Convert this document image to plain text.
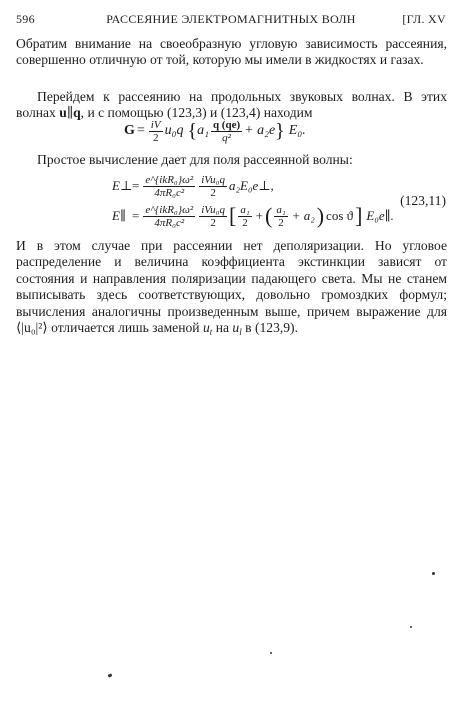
596	РАССЕЯНИЕ ЭЛЕКТРОМАГНИТНЫХ ВОЛН	[ГЛ. XV
Обратим внимание на своеобразную угловую зависимость рассеяния, совершенно отличную от той, которую мы имели в жидкостях и газах.
Перейдем к рассеянию на продольных звуковых волнах. В этих волнах u∥q, и с помощью (123,3) и (123,4) находим
$G = \frac{iV}{2} u_0q$ { $a_1 \frac{q (qe)}{\text{q²}} + a_2e$ } E₀.
Простое вычисление дает для поля рассеянной волны:
E⊥ = $\frac{\text{e\textasciicircum{}\{ikR₀\}ω²}}{\text{4πR₀c²}} \frac{\text{iVu₀q}}{2}$ a₂E₀e⊥,
E∥ = $\frac{\text{e\textasciicircum{}\{ikR₀\}ω²}}{\text{4πR₀c²}} \frac{\text{iVu₀q}}{2}$ [ $\frac{\text{a₁}}{2}$ + ( $\frac{\text{a₁}}{2} + a_2$ ) cos ϑ ] E₀e∥.
(123,11)
И в этом случае при рассеянии нет деполяризации. Но угловое распределение и величина коэффициента экстинкции зависят от состояния и направления поляризации падающего света. Мы не станем выписывать здесь соответствующих, довольно громоздких формул; вычисления аналогичны произведенным выше, причем выражение для ⟨|u₀|²⟩ отличается лишь заменой $u_t$ на $u_l$ в (123,9).
